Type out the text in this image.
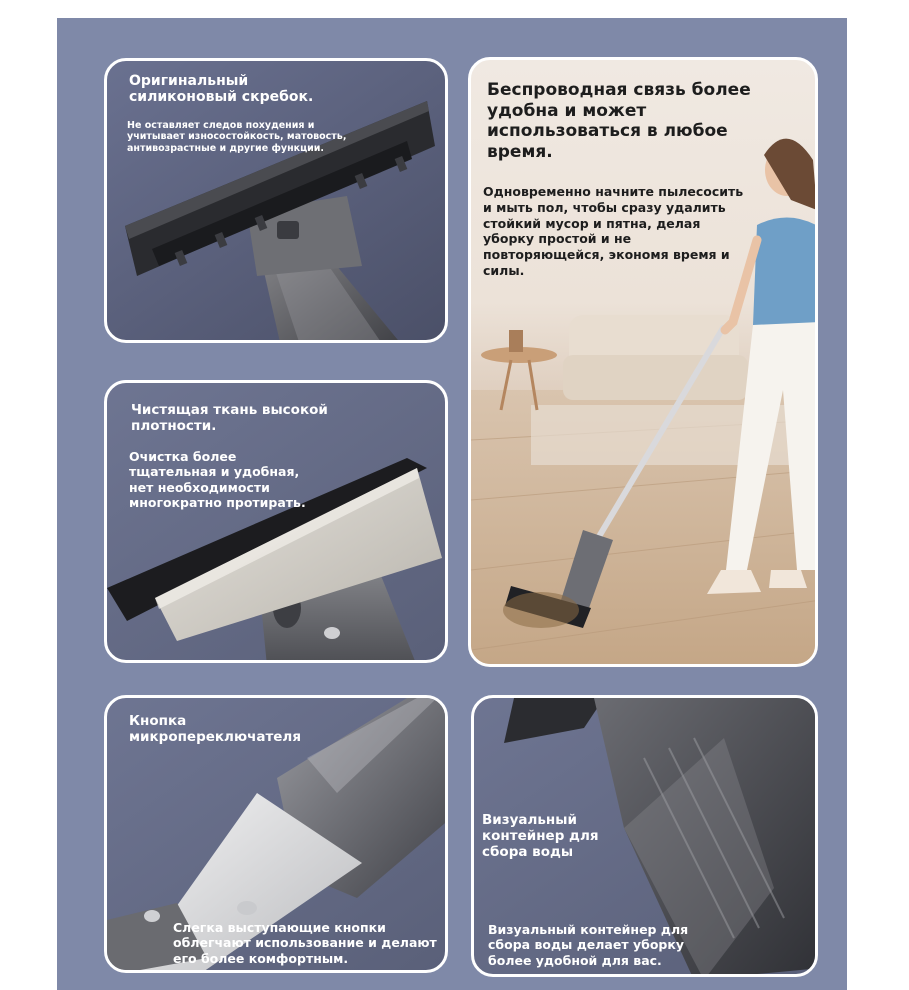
Оригинальный силиконовый скребок.
Не оставляет следов похудения и учитывает износостойкость, матовость, антивозрастные и другие функции.
Чистящая ткань высокой плотности.
Очистка более тщательная и удобная, нет необходимости многократно протирать.
Беспроводная связь более удобна и может использоваться в любое время.
Одновременно начните пылесосить и мыть пол, чтобы сразу удалить стойкий мусор и пятна, делая уборку простой и не повторяющейся, экономя время и силы.
Кнопка микропереключателя
Слегка выступающие кнопки облегчают использование и делают его более комфортным.
Визуальный контейнер для сбора воды
Визуальный контейнер для сбора воды делает уборку более удобной для вас.
